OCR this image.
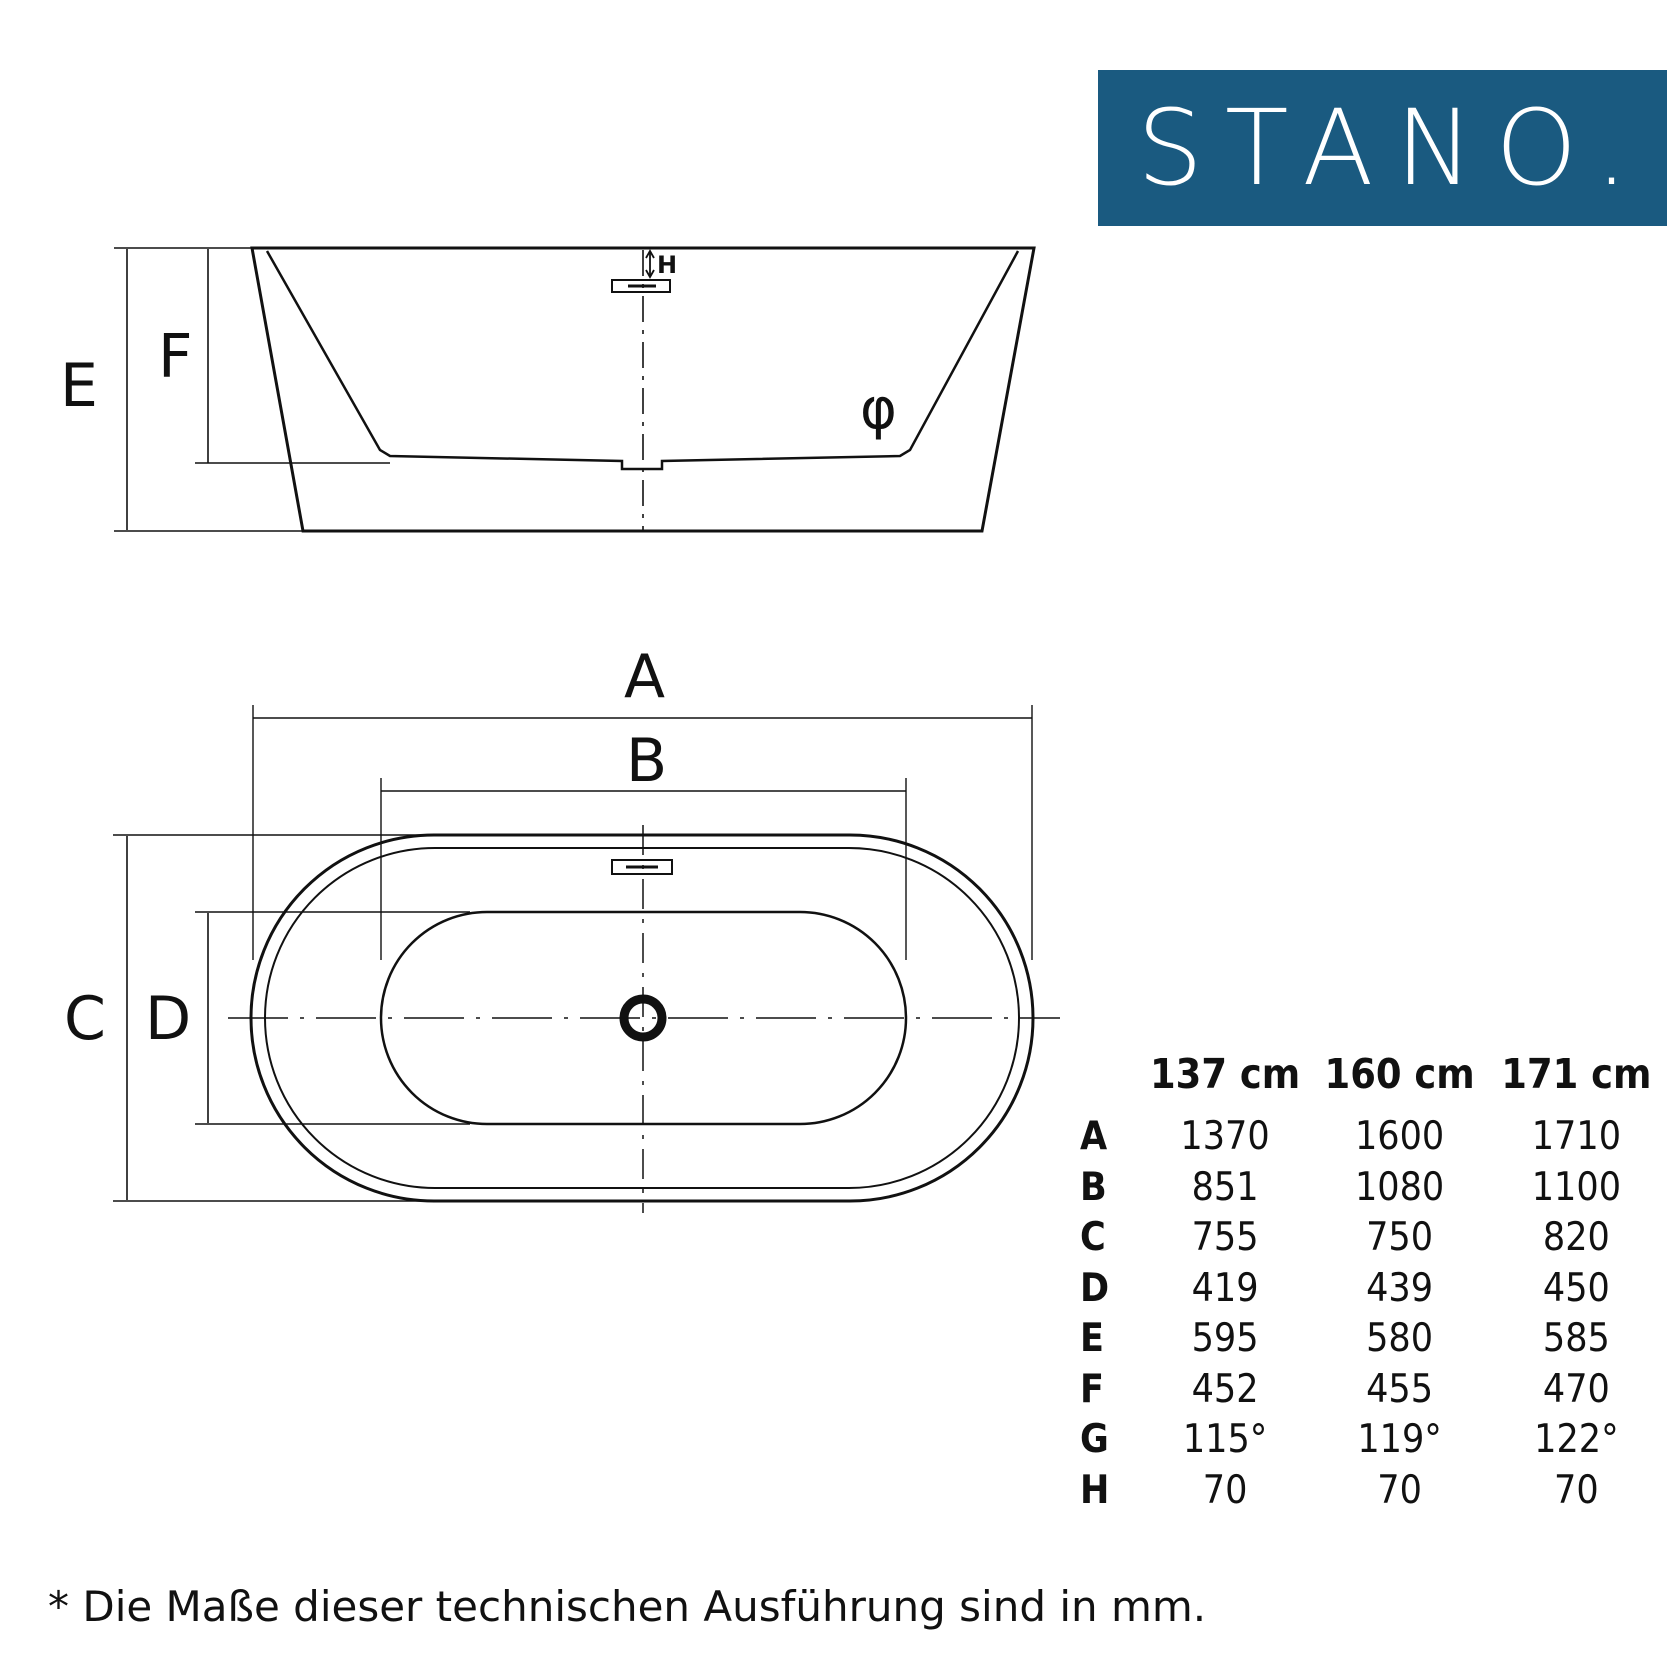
E F
H
φ
A
B
C D
STANO.
	137 cm	160 cm	171 cm
A	1370	1600	1710
B	851	1080	1100
C	755	750	820
D	419	439	450
E	595	580	585
F	452	455	470
G	115°	119°	122°
H	70	70	70
* Die Maße dieser technischen Ausführung sind in mm.
